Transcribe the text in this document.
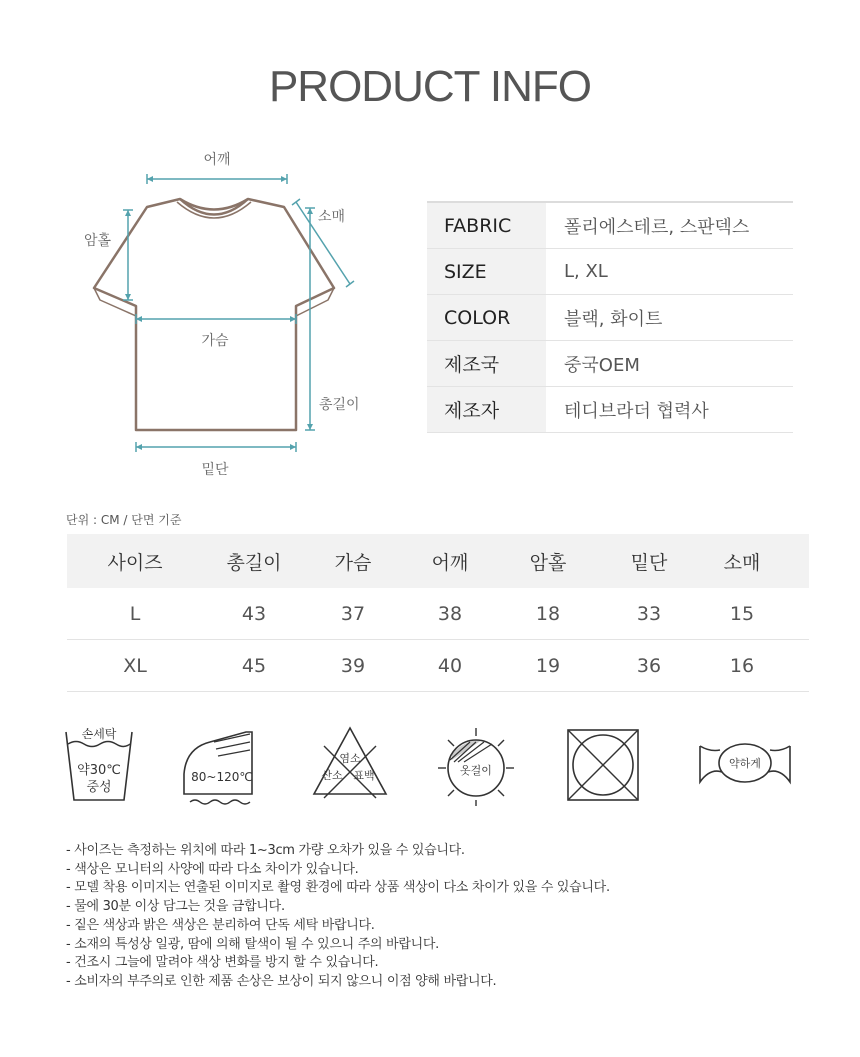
PRODUCT INFO
어깨
소매
암홀
가슴
총길이
밑단
FABRIC	폴리에스테르, 스판덱스
SIZE	L, XL
COLOR	블랙, 화이트
제조국	중국OEM
제조자	테디브라더 협력사
단위 : CM / 단면 기준
사이즈	총길이	가슴	어깨	암홀	밑단	소매	
L	43	37	38	18	33	15	
XL	45	39	40	19	36	16	
손세탁
약30℃
중성
80~120℃
염소
산소 표백	옷걸이
약하게
- 사이즈는 측정하는 위치에 따라 1~3cm 가량 오차가 있을 수 있습니다.
- 색상은 모니터의 사양에 따라 다소 차이가 있습니다.
- 모델 착용 이미지는 연출된 이미지로 촬영 환경에 따라 상품 색상이 다소 차이가 있을 수 있습니다.
- 물에 30분 이상 담그는 것을 금합니다.
- 짙은 색상과 밝은 색상은 분리하여 단독 세탁 바랍니다.
- 소재의 특성상 일광, 땀에 의해 탈색이 될 수 있으니 주의 바랍니다.
- 건조시 그늘에 말려야 색상 변화를 방지 할 수 있습니다.
- 소비자의 부주의로 인한 제품 손상은 보상이 되지 않으니 이점 양해 바랍니다.
